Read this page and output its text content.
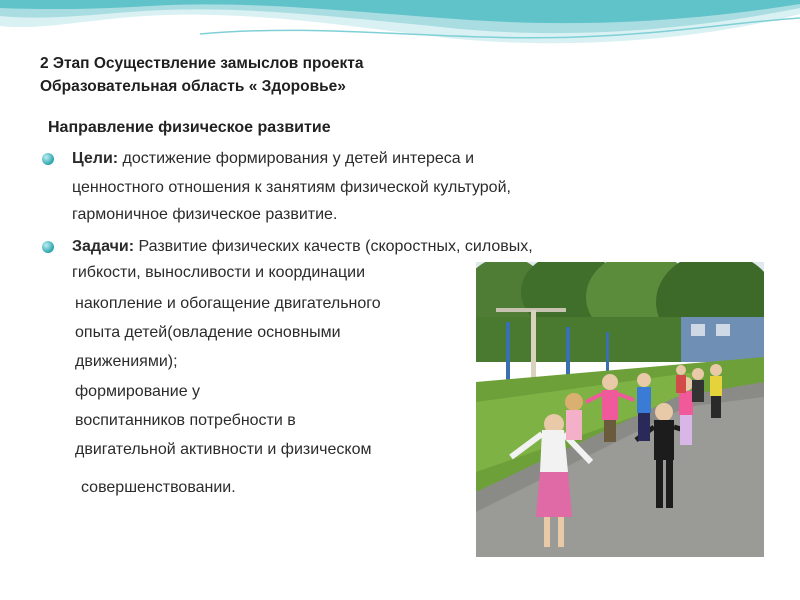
2 Этап Осуществление замыслов проекта
Образовательная область « Здоровье»
Направление физическое развитие
Цели: достижение формирования у детей интереса и
ценностного отношения к занятиям физической культурой,
гармоничное физическое развитие.
Задачи: Развитие физических качеств (скоростных, силовых,
гибкости, выносливости и координации
накопление и обогащение двигательного
опыта детей(овладение основными
движениями);
формирование у
воспитанников потребности в
двигательной активности и физическом
совершенствовании.
